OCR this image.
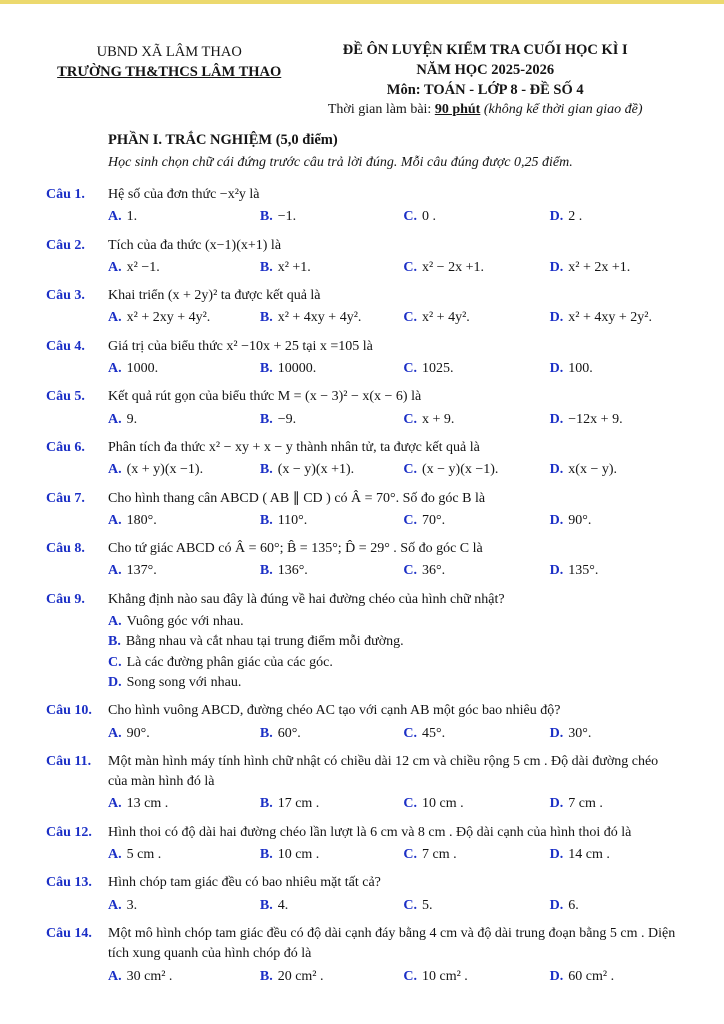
UBND XÃ LÂM THAO
TRƯỜNG TH&THCS LÂM THAO
ĐỀ ÔN LUYỆN KIỂM TRA CUỐI HỌC KÌ I
NĂM HỌC 2025-2026
Môn: TOÁN - LỚP 8 - ĐỀ SỐ 4
Thời gian làm bài: 90 phút (không kể thời gian giao đề)
PHẦN I. TRẮC NGHIỆM (5,0 điểm)
Học sinh chọn chữ cái đứng trước câu trả lời đúng. Mỗi câu đúng được 0,25 điểm.
Câu 1.	Hệ số của đơn thức −x²y là
A. 1.	B. −1.	C. 0 .	D. 2 .
Câu 2.	Tích của đa thức (x−1)(x+1) là
A. x² −1.	B. x² +1.	C. x² − 2x +1.	D. x² + 2x +1.
Câu 3.	Khai triển (x + 2y)² ta được kết quả là
A. x² + 2xy + 4y².	B. x² + 4xy + 4y².	C. x² + 4y².	D. x² + 4xy + 2y².
Câu 4.	Giá trị của biểu thức x² −10x + 25 tại x =105 là
A. 1000.	B. 10000.	C. 1025.	D. 100.
Câu 5.	Kết quả rút gọn của biểu thức M = (x − 3)² − x(x − 6) là
A. 9.	B. −9.	C. x + 9.	D. −12x + 9.
Câu 6.	Phân tích đa thức x² − xy + x − y thành nhân tử, ta được kết quả là
A. (x + y)(x −1).	B. (x − y)(x +1).	C. (x − y)(x −1).	D. x(x − y).
Câu 7.	Cho hình thang cân ABCD ( AB ∥ CD ) có Â = 70°. Số đo góc B là
A. 180°.	B. 110°.	C. 70°.	D. 90°.
Câu 8.	Cho tứ giác ABCD có Â = 60°; B̂ = 135°; D̂ = 29° . Số đo góc C là
A. 137°.	B. 136°.	C. 36°.	D. 135°.
Câu 9.	Khẳng định nào sau đây là đúng về hai đường chéo của hình chữ nhật?
A. Vuông góc với nhau.
B. Bằng nhau và cắt nhau tại trung điểm mỗi đường.
C. Là các đường phân giác của các góc.
D. Song song với nhau.
Câu 10.	Cho hình vuông ABCD, đường chéo AC tạo với cạnh AB một góc bao nhiêu độ?
A. 90°.	B. 60°.	C. 45°.	D. 30°.
Câu 11.	Một màn hình máy tính hình chữ nhật có chiều dài 12 cm và chiều rộng 5 cm . Độ dài đường chéo của màn hình đó là
A. 13 cm .	B. 17 cm .	C. 10 cm .	D. 7 cm .
Câu 12.	Hình thoi có độ dài hai đường chéo lần lượt là 6 cm và 8 cm . Độ dài cạnh của hình thoi đó là
A. 5 cm .	B. 10 cm .	C. 7 cm .	D. 14 cm .
Câu 13.	Hình chóp tam giác đều có bao nhiêu mặt tất cả?
A. 3.	B. 4.	C. 5.	D. 6.
Câu 14.	Một mô hình chóp tam giác đều có độ dài cạnh đáy bằng 4 cm và độ dài trung đoạn bằng 5 cm . Diện tích xung quanh của hình chóp đó là
A. 30 cm² .	B. 20 cm² .	C. 10 cm² .	D. 60 cm² .
